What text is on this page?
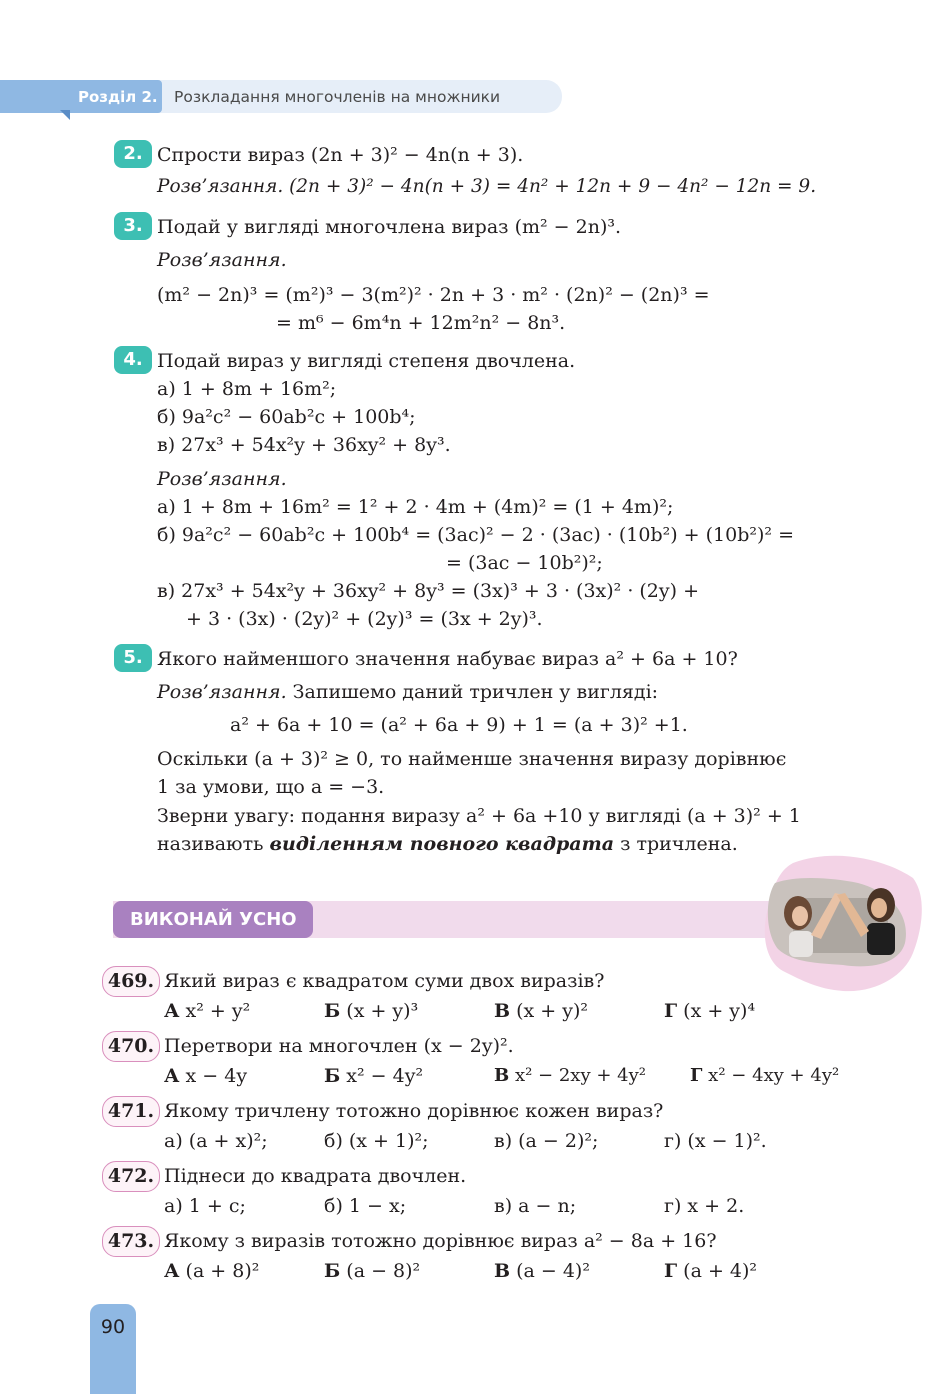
Розділ 2. Розкладання многочленів на множники
2. Спрости вираз (2n + 3)² − 4n(n + 3).
Розв’язання. (2n + 3)² − 4n(n + 3) = 4n² + 12n + 9 − 4n² − 12n = 9.
3. Подай у вигляді многочлена вираз (m² − 2n)³.
Розв’язання.
(m² − 2n)³ = (m²)³ − 3(m²)² · 2n + 3 · m² · (2n)² − (2n)³ =
= m⁶ − 6m⁴n + 12m²n² − 8n³.
4. Подай вираз у вигляді степеня двочлена.
а) 1 + 8m + 16m²;
б) 9a²c² − 60ab²c + 100b⁴;
в) 27x³ + 54x²y + 36xy² + 8y³.
Розв’язання.
а) 1 + 8m + 16m² = 1² + 2 · 4m + (4m)² = (1 + 4m)²;
б) 9a²c² − 60ab²c + 100b⁴ = (3ac)² − 2 · (3ac) · (10b²) + (10b²)² =
= (3ac − 10b²)²;
в) 27x³ + 54x²y + 36xy² + 8y³ = (3x)³ + 3 · (3x)² · (2y) +
+ 3 · (3x) · (2y)² + (2y)³ = (3x + 2y)³.
5. Якого найменшого значення набуває вираз a² + 6a + 10?
Розв’язання. Запишемо даний тричлен у вигляді:
a² + 6a + 10 = (a² + 6a + 9) + 1 = (a + 3)² +1.
Оскільки (a + 3)² ≥ 0, то найменше значення виразу дорівнює
1 за умови, що a = −3.
Зверни увагу: подання виразу a² + 6a +10 у вигляді (a + 3)² + 1
називають виділенням повного квадрата з тричлена.
ВИКОНАЙ УСНО
469. Який вираз є квадратом суми двох виразів?
А x² + y²	Б (x + y)³	В (x + y)²	Г (x + y)⁴
470. Перетвори на многочлен (x − 2y)².
А x − 4y	Б x² − 4y²	В x² − 2xy + 4y² Г x² − 4xy + 4y²
471. Якому тричлену тотожно дорівнює кожен вираз?
а) (a + x)²;	б) (x + 1)²;	в) (a − 2)²;	г) (x − 1)².
472. Піднеси до квадрата двочлен.
а) 1 + c;	б) 1 − x;	в) a − n;	г) x + 2.
473. Якому з виразів тотожно дорівнює вираз a² − 8a + 16?
А (a + 8)²	Б (a − 8)²	В (a − 4)²	Г (a + 4)²
90
